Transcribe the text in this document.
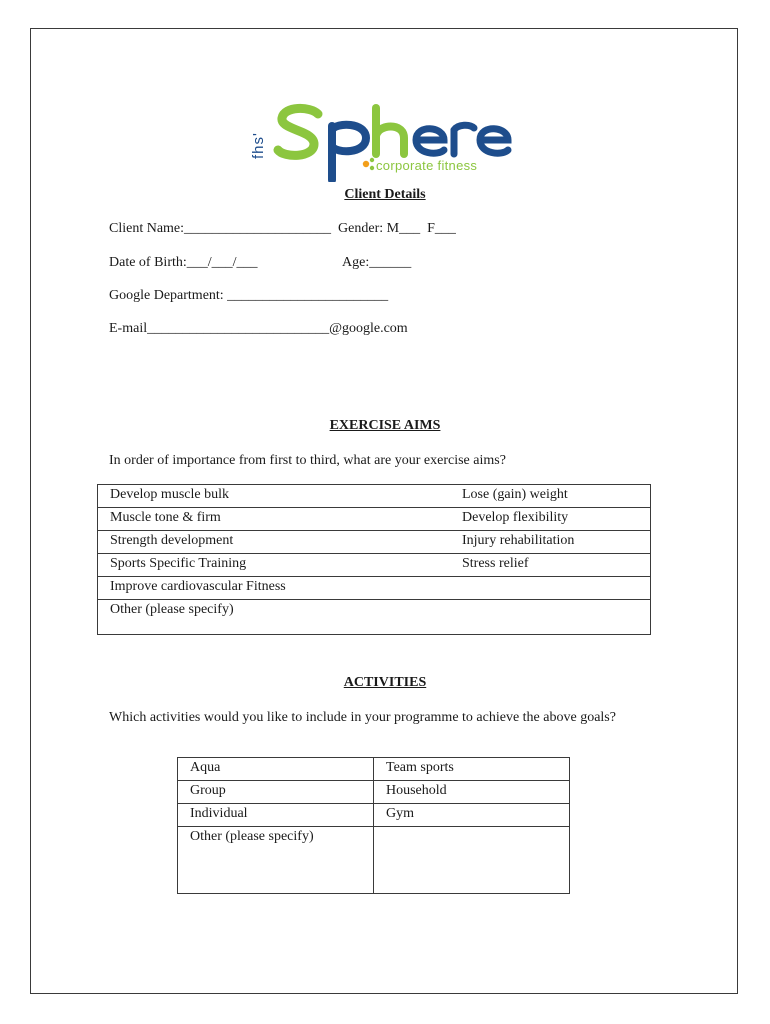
fhs'
corporate fitness
Client Details
Client Name:_____________________  Gender: M___  F___
Date of Birth:___/___/___	Age:______
Google Department: _______________________
E-mail__________________________@google.com
EXERCISE AIMS
In order of importance from first to third, what are your exercise aims?
Develop muscle bulk	Lose (gain) weight
Muscle tone & firm	Develop flexibility
Strength development	Injury rehabilitation
Sports Specific Training	Stress relief
Improve cardiovascular Fitness	
Other (please specify)	
ACTIVITIES
Which activities would you like to include in your programme to achieve the above goals?
Aqua	Team sports
Group	Household
Individual	Gym
Other (please specify)	
